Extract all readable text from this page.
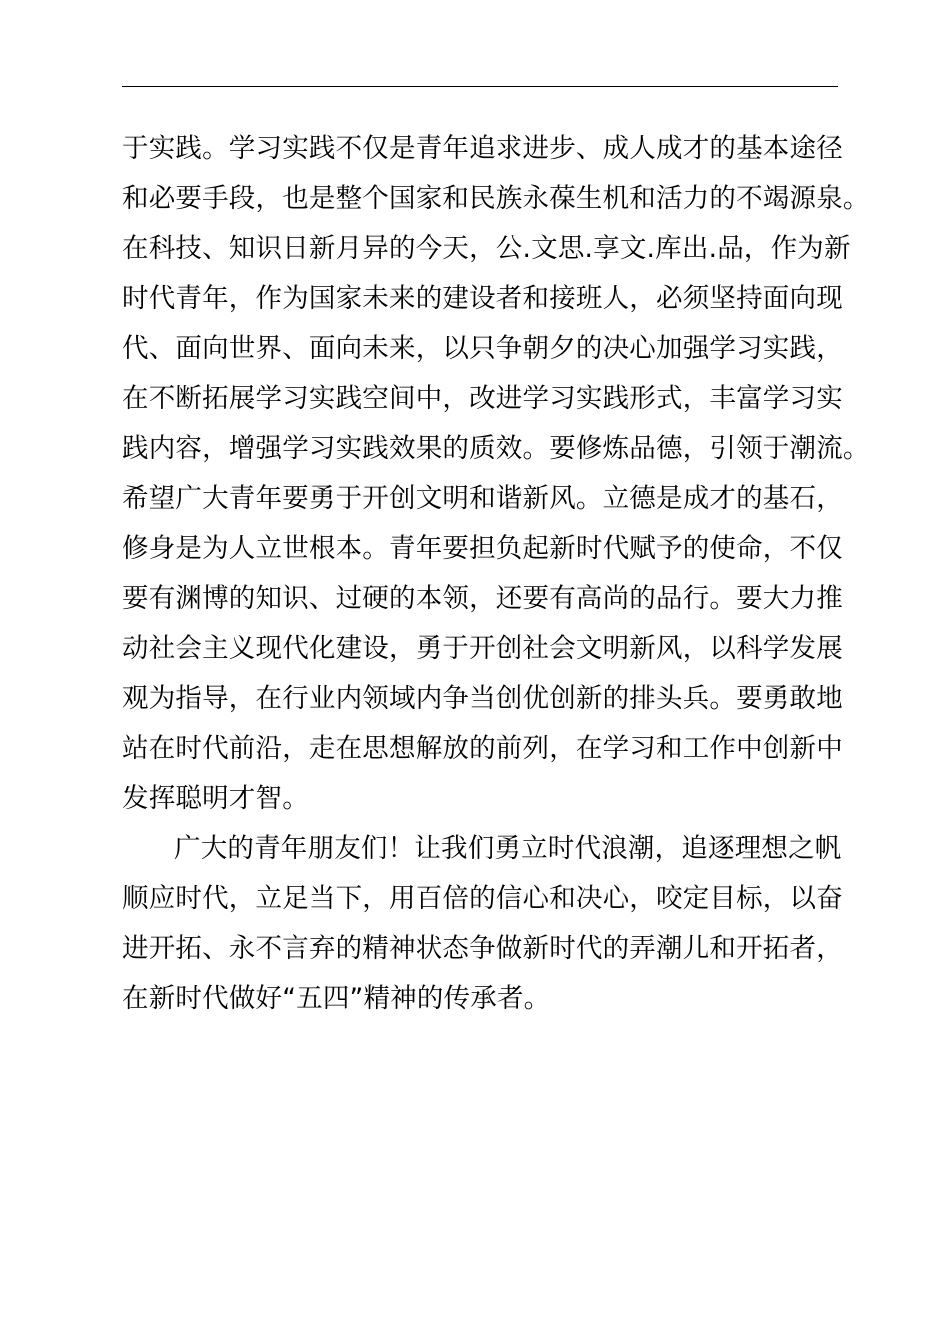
于实践。学习实践不仅是青年追求进步、成人成才的基本途径
和必要手段，也是整个国家和民族永葆生机和活力的不竭源泉。
在科技、知识日新月异的今天，公.文思.享文.库出.品，作为新
时代青年，作为国家未来的建设者和接班人，必须坚持面向现
代、面向世界、面向未来，以只争朝夕的决心加强学习实践，
在不断拓展学习实践空间中，改进学习实践形式，丰富学习实
践内容，增强学习实践效果的质效。要修炼品德，引领于潮流。
希望广大青年要勇于开创文明和谐新风。立德是成才的基石，
修身是为人立世根本。青年要担负起新时代赋予的使命，不仅
要有渊博的知识、过硬的本领，还要有高尚的品行。要大力推
动社会主义现代化建设，勇于开创社会文明新风，以科学发展
观为指导，在行业内领域内争当创优创新的排头兵。要勇敢地
站在时代前沿，走在思想解放的前列，在学习和工作中创新中
发挥聪明才智。
广大的青年朋友们！让我们勇立时代浪潮，追逐理想之帆
顺应时代，立足当下，用百倍的信心和决心，咬定目标，以奋
进开拓、永不言弃的精神状态争做新时代的弄潮儿和开拓者，
在新时代做好“五四”精神的传承者。
